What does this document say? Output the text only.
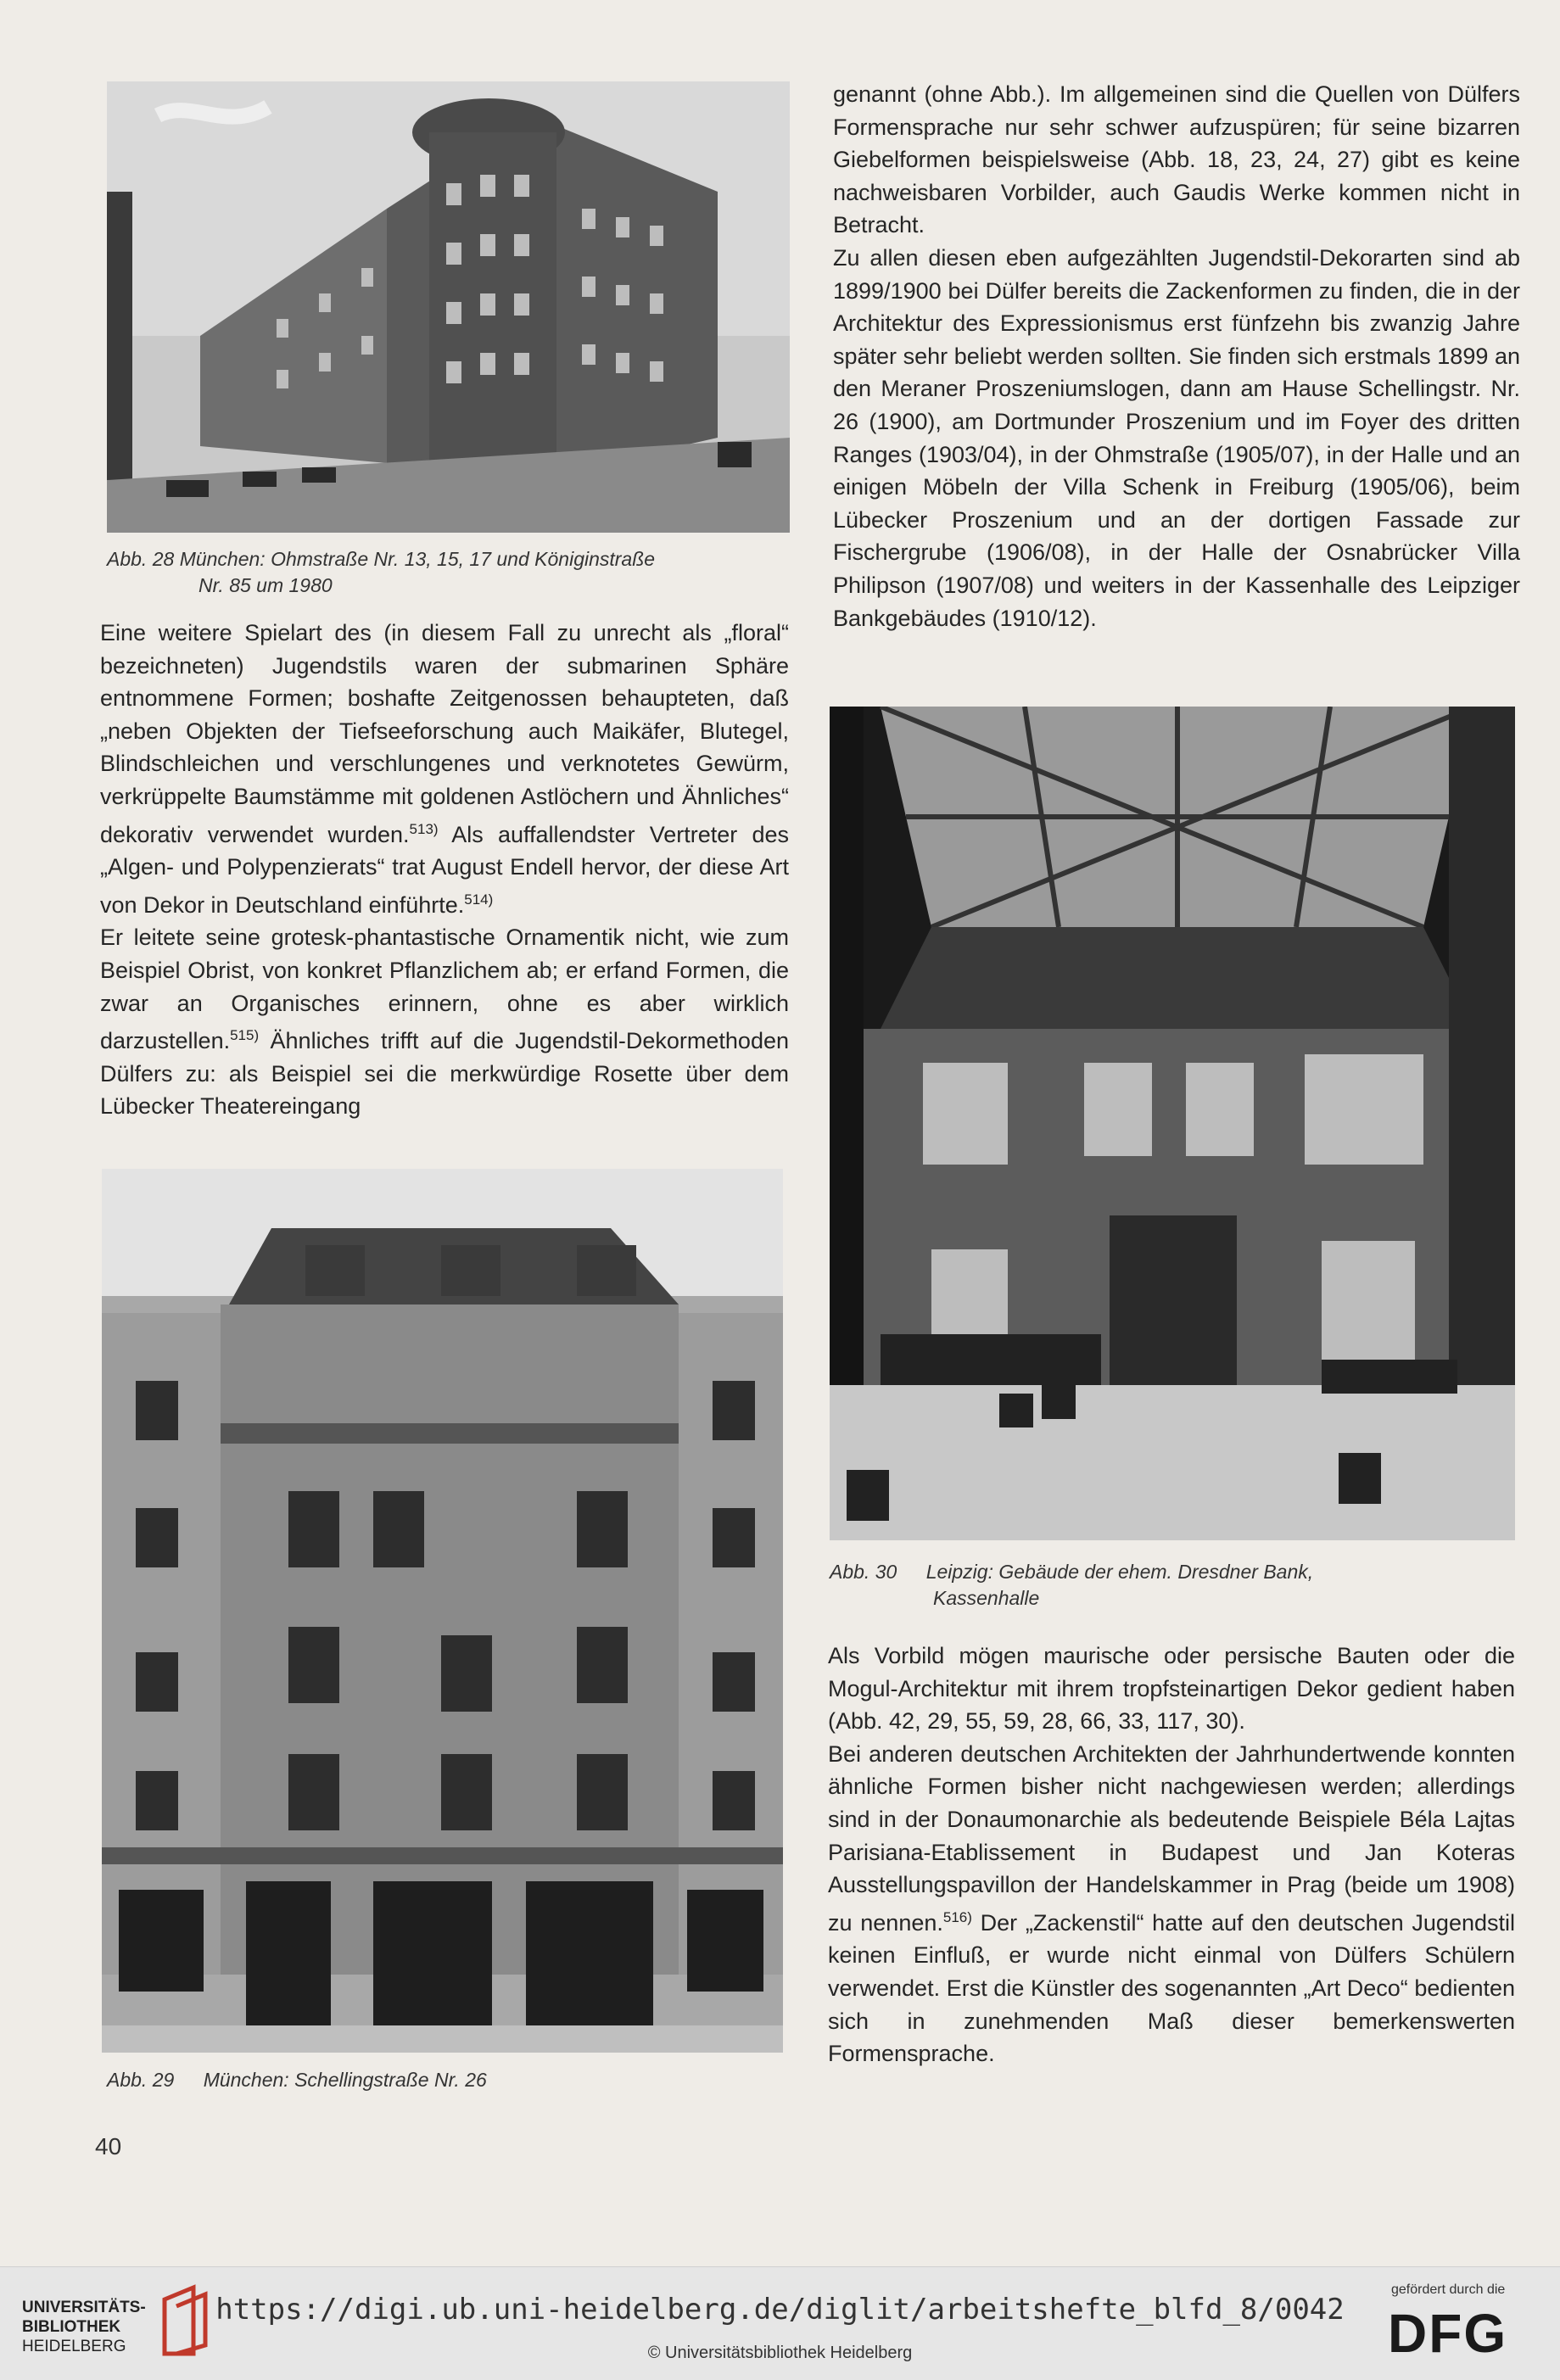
Abb. 28 München: Ohmstraße Nr. 13, 15, 17 und Königinstraße
Nr. 85 um 1980

Eine weitere Spielart des (in diesem Fall zu unrecht als „floral“ bezeichneten) Jugendstils waren der submarinen Sphäre entnommene Formen; boshafte Zeitgenossen behaupteten, daß „neben Objekten der Tiefseeforschung auch Maikäfer, Blutegel, Blindschleichen und verschlungenes und verknotetes Gewürm, verkrüppelte Baumstämme mit goldenen Astlöchern und Ähnliches“ dekorativ verwendet wurden.$^{513)}$ Als auffallendster Vertreter des „Algen- und Polypenzierats“ trat August Endell hervor, der diese Art von Dekor in Deutschland einführte.$^{514)}$

Er leitete seine grotesk-phantastische Ornamentik nicht, wie zum Beispiel Obrist, von konkret Pflanzlichem ab; er erfand Formen, die zwar an Organisches erinnern, ohne es aber wirklich darzustellen.$^{515)}$ Ähnliches trifft auf die Jugendstil-Dekormethoden Dülfers zu: als Beispiel sei die merkwürdige Rosette über dem Lübecker Theatereingang

Abb. 29 München: Schellingstraße Nr. 26

genannt (ohne Abb.). Im allgemeinen sind die Quellen von Dülfers Formensprache nur sehr schwer aufzuspüren; für seine bizarren Giebelformen beispielsweise (Abb. 18, 23, 24, 27) gibt es keine nachweisbaren Vorbilder, auch Gaudis Werke kommen nicht in Betracht.

Zu allen diesen eben aufgezählten Jugendstil-Dekorarten sind ab 1899/1900 bei Dülfer bereits die Zackenformen zu finden, die in der Architektur des Expressionismus erst fünfzehn bis zwanzig Jahre später sehr beliebt werden sollten. Sie finden sich erstmals 1899 an den Meraner Proszeniumslogen, dann am Hause Schellingstr. Nr. 26 (1900), am Dortmunder Proszenium und im Foyer des dritten Ranges (1903/04), in der Ohmstraße (1905/07), in der Halle und an einigen Möbeln der Villa Schenk in Freiburg (1905/06), beim Lübecker Proszenium und an der dortigen Fassade zur Fischergrube (1906/08), in der Halle der Osnabrücker Villa Philipson (1907/08) und weiters in der Kassenhalle des Leipziger Bankgebäudes (1910/12).

Abb. 30 Leipzig: Gebäude der ehem. Dresdner Bank,
Kassenhalle

Als Vorbild mögen maurische oder persische Bauten oder die Mogul-Architektur mit ihrem tropfsteinartigen Dekor gedient haben (Abb. 42, 29, 55, 59, 28, 66, 33, 117, 30).

Bei anderen deutschen Architekten der Jahrhundertwende konnten ähnliche Formen bisher nicht nachgewiesen werden; allerdings sind in der Donaumonarchie als bedeutende Beispiele Béla Lajtas Parisiana-Etablissement in Budapest und Jan Koteras Ausstellungspavillon der Handelskammer in Prag (beide um 1908) zu nennen.$^{516)}$ Der „Zackenstil“ hatte auf den deutschen Jugendstil keinen Einfluß, er wurde nicht einmal von Dülfers Schülern verwendet. Erst die Künstler des sogenannten „Art Deco“ bedienten sich in zunehmenden Maß dieser bemerkenswerten Formensprache.

40
UNIVERSITÄTS-
BIBLIOTHEK
HEIDELBERG
https://digi.ub.uni-heidelberg.de/diglit/arbeitshefte_blfd_8/0042
© Universitätsbibliothek Heidelberg
gefördert durch die
DFG
